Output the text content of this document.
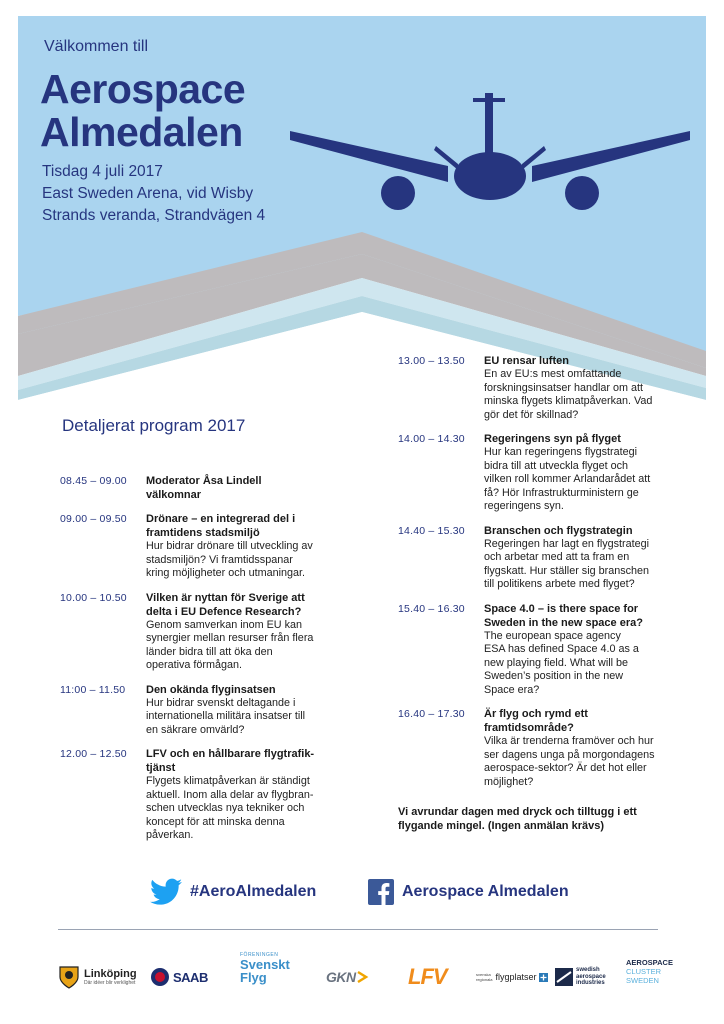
Välkommen till
Aerospace
Almedalen
Tisdag 4 juli 2017
East Sweden Arena, vid Wisby
Strands veranda, Strandvägen 4
Detaljerat program 2017
08.45 – 09.00	Moderator Åsa Lindell
välkomnar
09.00 – 09.50	Drönare – en integrerad del i
framtidens stadsmiljö
Hur bidrar drönare till utveckling av
stadsmiljön? Vi framtidsspanar
kring möjligheter och utmaningar.
10.00 – 10.50	Vilken är nyttan för Sverige att
delta i EU Defence Research?
Genom samverkan inom EU kan
synergier mellan resurser från flera
länder bidra till att öka den
operativa förmågan.
11:00 – 11.50	Den okända flyginsatsen
Hur bidrar svenskt deltagande i
internationella militära insatser till
en säkrare omvärld?
12.00 – 12.50	LFV och en hållbarare flygtrafik-
tjänst
Flygets klimatpåverkan är ständigt
aktuell. Inom alla delar av flygbran-
schen utvecklas nya tekniker och
koncept för att minska denna
påverkan.
13.00 – 13.50	EU rensar luften
En av EU:s mest omfattande
forskningsinsatser handlar om att
minska flygets klimatpåverkan. Vad
gör det för skillnad?
14.00 – 14.30	Regeringens syn på flyget
Hur kan regeringens flygstrategi
bidra till att utveckla flyget och
vilken roll kommer Arlandarådet att
få? Hör Infrastrukturministern ge
regeringens syn.
14.40 – 15.30	Branschen och flygstrategin
Regeringen har lagt en flygstrategi
och arbetar med att ta fram en
flygskatt. Hur ställer sig branschen
till politikens arbete med flyget?
15.40 – 16.30	Space 4.0 – is there space for
Sweden in the new space era?
The european space agency
ESA has defined Space 4.0 as a
new playing field. What will be
Sweden’s position in the new
Space era?
16.40 – 17.30	Är flyg och rymd ett
framtidsområde?
Vilka är trenderna framöver och hur
ser dagens unga på morgondagens
aerospace-sektor? Är det hot eller
möjlighet?
Vi avrundar dagen med dryck och tilltugg i ett
flygande mingel. (Ingen anmälan krävs)
#AeroAlmedalen	Aerospace Almedalen
Linköping
Där idéer blir verklighet	SAAB
FÖRENINGEN
Svenskt
Flyg	GKN LFV	svenska
regionala flygplatser
swedish
aerospace
industries
AEROSPACE
CLUSTER
SWEDEN
